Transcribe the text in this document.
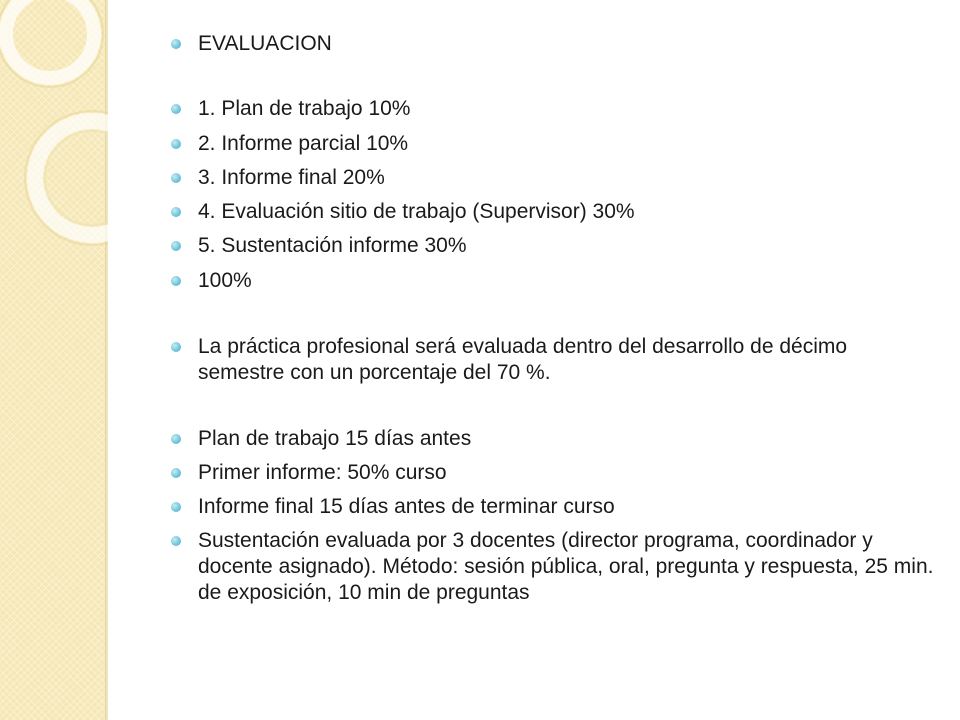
EVALUACION
1. Plan de trabajo 10%
2. Informe parcial 10%
3. Informe final 20%
4. Evaluación sitio de trabajo (Supervisor) 30%
5. Sustentación informe 30%
100%
La práctica profesional será evaluada dentro del desarrollo de décimo semestre con un porcentaje del 70 %.
Plan de trabajo 15 días antes
Primer informe: 50% curso
Informe final 15 días antes de terminar curso
Sustentación evaluada por 3 docentes (director programa, coordinador y docente asignado). Método: sesión pública, oral, pregunta y respuesta, 25 min. de exposición, 10 min de preguntas
